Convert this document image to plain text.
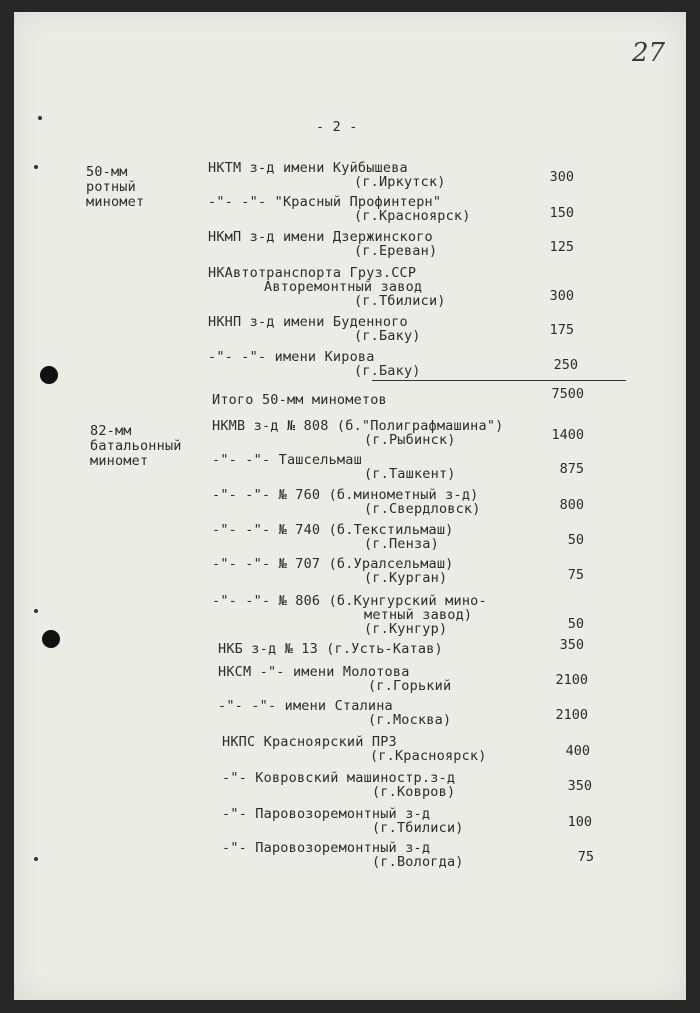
27
- 2 -
50-мм
ротный
миномет
НКТМ з-д имени Куйбышева
(г.Иркутск)	300
-"- -"- "Красный Профинтерн"
(г.Красноярск)	150
НКмП з-д имени Дзержинского
(г.Ереван)	125
НКАвтотранспорта Груз.ССР
Авторемонтный завод
(г.Тбилиси)	300
НКНП з-д имени Буденного
(г.Баку)	175
-"- -"- имени Кирова
(г.Баку)	250
Итого 50-мм минометов	7500
82-мм
батальонный
миномет
НКМВ з-д № 808 (б."Полиграфмашина")
(г.Рыбинск)	1400
-"- -"- Ташсельмаш
(г.Ташкент)	875
-"- -"- № 760 (б.минометный з-д)
(г.Свердловск)	800
-"- -"- № 740 (б.Текстильмаш)
(г.Пенза)	50
-"- -"- № 707 (б.Уралсельмаш)
(г.Курган)	75
-"- -"- № 806 (б.Кунгурский мино-
метный завод)
(г.Кунгур)	50
НКБ з-д № 13 (г.Усть-Катав)	350
НКСМ -"- имени Молотова
(г.Горький	2100
-"- -"- имени Сталина
(г.Москва)	2100
НКПС Красноярский ПРЗ
(г.Красноярск)	400
-"- Ковровский машиностр.з-д
(г.Ковров)	350
-"- Паровозоремонтный з-д
(г.Тбилиси)	100
-"- Паровозоремонтный з-д
(г.Вологда)	75
